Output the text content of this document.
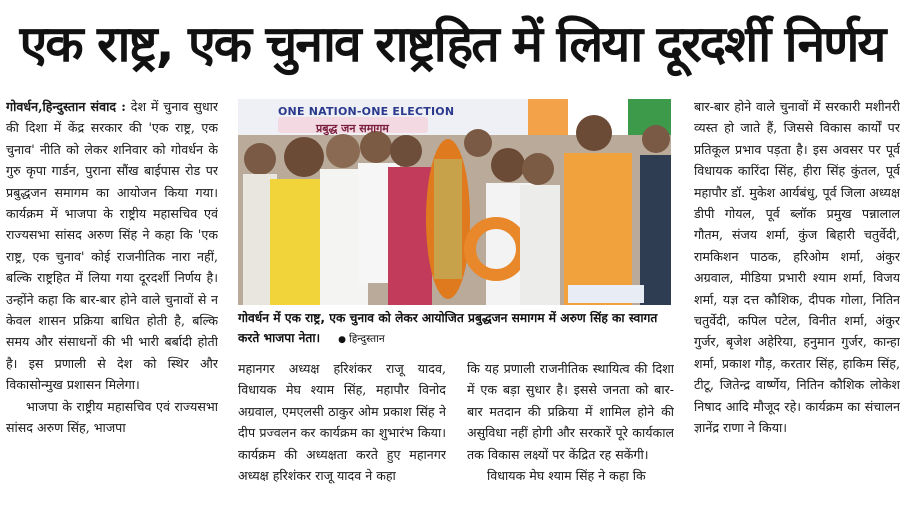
एक राष्ट्र, एक चुनाव राष्ट्रहित में लिया दूरदर्शी निर्णय

गोवर्धन,हिन्दुस्तान संवाद : देश में चुनाव सुधार की दिशा में केंद्र सरकार की 'एक राष्ट्र, एक चुनाव' नीति को लेकर शनिवार को गोवर्धन के गुरु कृपा गार्डन, पुराना सौंख बाईपास रोड पर प्रबुद्धजन समागम का आयोजन किया गया। कार्यक्रम में भाजपा के राष्ट्रीय महासचिव एवं राज्यसभा सांसद अरुण सिंह ने कहा कि 'एक राष्ट्र, एक चुनाव' कोई राजनीतिक नारा नहीं, बल्कि राष्ट्रहित में लिया गया दूरदर्शी निर्णय है। उन्होंने कहा कि बार-बार होने वाले चुनावों से न केवल शासन प्रक्रिया बाधित होती है, बल्कि समय और संसाधनों की भी भारी बर्बादी होती है। इस प्रणाली से देश को स्थिर और विकासोन्मुख प्रशासन मिलेगा।

भाजपा के राष्ट्रीय महासचिव एवं राज्यसभा सांसद अरुण सिंह, भाजपा

ONE NATION-ONE ELECTION
प्रबुद्ध जन समागम
गोवर्धन में एक राष्ट्र, एक चुनाव को लेकर आयोजित प्रबुद्धजन समागम में अरुण सिंह का स्वागत करते भाजपा नेता। ● हिन्दुस्तान

महानगर अध्यक्ष हरिशंकर राजू यादव, विधायक मेघ श्याम सिंह, महापौर विनोद अग्रवाल, एमएलसी ठाकुर ओम प्रकाश सिंह ने दीप प्रज्वलन कर कार्यक्रम का शुभारंभ किया। कार्यक्रम की अध्यक्षता करते हुए महानगर अध्यक्ष हरिशंकर राजू यादव ने कहा

कि यह प्रणाली राजनीतिक स्थायित्व की दिशा में एक बड़ा सुधार है। इससे जनता को बार-बार मतदान की प्रक्रिया में शामिल होने की असुविधा नहीं होगी और सरकारें पूरे कार्यकाल तक विकास लक्ष्यों पर केंद्रित रह सकेंगी।

विधायक मेघ श्याम सिंह ने कहा कि

बार-बार होने वाले चुनावों में सरकारी मशीनरी व्यस्त हो जाते हैं, जिससे विकास कार्यों पर प्रतिकूल प्रभाव पड़ता है। इस अवसर पर पूर्व विधायक कारिंदा सिंह, हीरा सिंह कुंतल, पूर्व महापौर डॉ. मुकेश आर्यबंधु, पूर्व जिला अध्यक्ष डीपी गोयल, पूर्व ब्लॉक प्रमुख पन्नालाल गौतम, संजय शर्मा, कुंज बिहारी चतुर्वेदी, रामकिशन पाठक, हरिओम शर्मा, अंकुर अग्रवाल, मीडिया प्रभारी श्याम शर्मा, विजय शर्मा, यज्ञ दत्त कौशिक, दीपक गोला, नितिन चतुर्वेदी, कपिल पटेल, विनीत शर्मा, अंकुर गुर्जर, बृजेश अहेरिया, हनुमान गुर्जर, कान्हा शर्मा, प्रकाश गौड़, करतार सिंह, हाकिम सिंह, टीटू, जितेन्द्र वार्ष्णेय, नितिन कौशिक लोकेश निषाद आदि मौजूद रहे। कार्यक्रम का संचालन ज्ञानेंद्र राणा ने किया।
